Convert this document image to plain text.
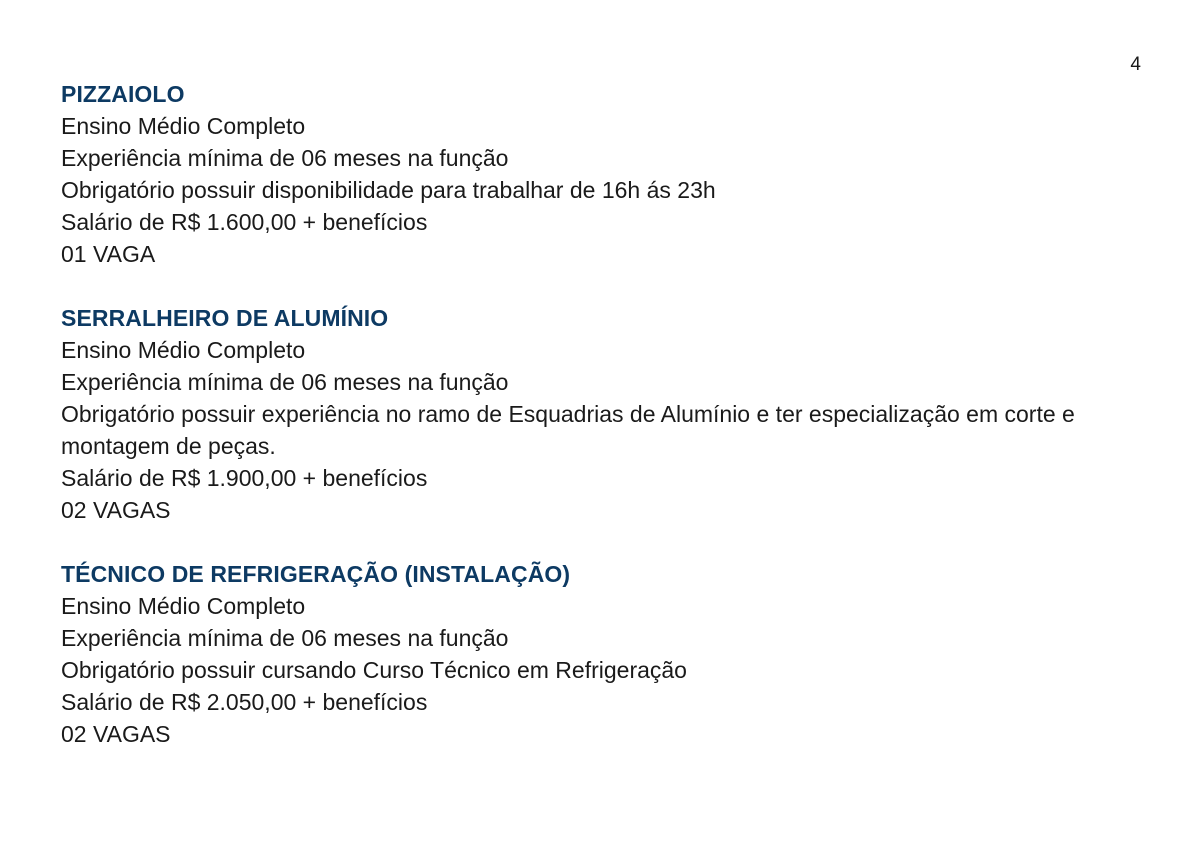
4

PIZZAIOLO

Ensino Médio Completo

Experiência mínima de 06 meses na função

Obrigatório possuir disponibilidade para trabalhar de 16h ás 23h

Salário de R$ 1.600,00 + benefícios

01 VAGA

SERRALHEIRO DE ALUMÍNIO

Ensino Médio Completo

Experiência mínima de 06 meses na função

Obrigatório possuir experiência no ramo de Esquadrias de Alumínio e ter especialização em corte e montagem de peças.

Salário de R$ 1.900,00 + benefícios

02 VAGAS

TÉCNICO DE REFRIGERAÇÃO (INSTALAÇÃO)

Ensino Médio Completo

Experiência mínima de 06 meses na função

Obrigatório possuir cursando Curso Técnico em Refrigeração

Salário de R$ 2.050,00 + benefícios

02 VAGAS
